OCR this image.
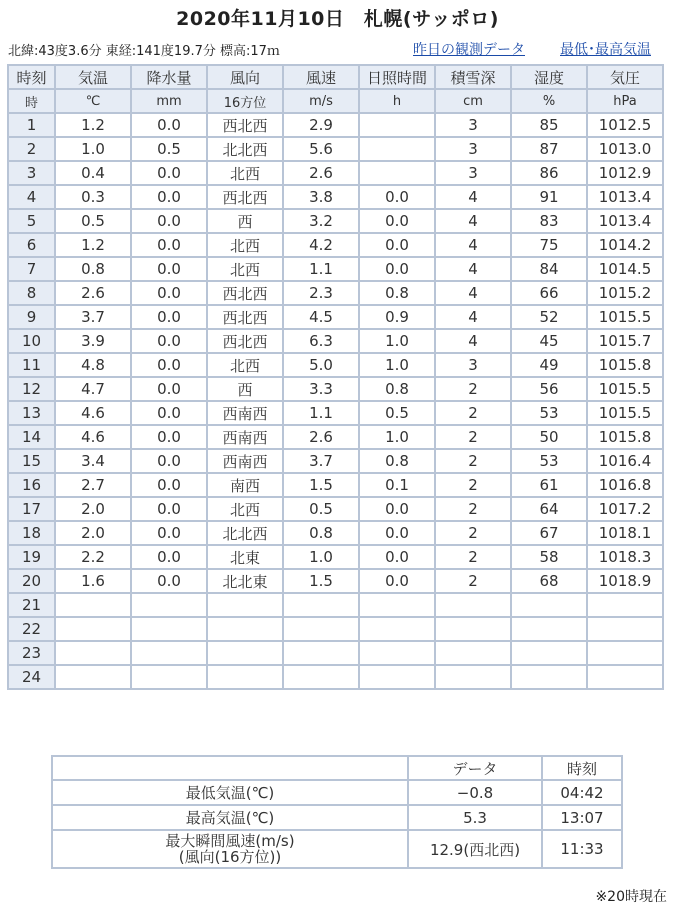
2020年11月10日　札幌(サッポロ)
北緯:43度3.6分 東経:141度19.7分 標高:17ｍ	昨日の観測データ	最低･最高気温
時刻	気温	降水量	風向	風速	日照時間	積雪深	湿度	気圧
時	℃	mm	16方位	m/s	h	cm	%	hPa
1	1.2	0.0	西北西	2.9		3	85	1012.5
2	1.0	0.5	北北西	5.6		3	87	1013.0
3	0.4	0.0	北西	2.6		3	86	1012.9
4	0.3	0.0	西北西	3.8	0.0	4	91	1013.4
5	0.5	0.0	西	3.2	0.0	4	83	1013.4
6	1.2	0.0	北西	4.2	0.0	4	75	1014.2
7	0.8	0.0	北西	1.1	0.0	4	84	1014.5
8	2.6	0.0	西北西	2.3	0.8	4	66	1015.2
9	3.7	0.0	西北西	4.5	0.9	4	52	1015.5
10	3.9	0.0	西北西	6.3	1.0	4	45	1015.7
11	4.8	0.0	北西	5.0	1.0	3	49	1015.8
12	4.7	0.0	西	3.3	0.8	2	56	1015.5
13	4.6	0.0	西南西	1.1	0.5	2	53	1015.5
14	4.6	0.0	西南西	2.6	1.0	2	50	1015.8
15	3.4	0.0	西南西	3.7	0.8	2	53	1016.4
16	2.7	0.0	南西	1.5	0.1	2	61	1016.8
17	2.0	0.0	北西	0.5	0.0	2	64	1017.2
18	2.0	0.0	北北西	0.8	0.0	2	67	1018.1
19	2.2	0.0	北東	1.0	0.0	2	58	1018.3
20	1.6	0.0	北北東	1.5	0.0	2	68	1018.9
21								
22								
23								
24								
	データ	時刻

最低気温(℃)	−0.8	04:42

最高気温(℃)	5.3	13:07

最大瞬間風速(m/s)
(風向(16方位))	12.9(西北西)	11:33
※20時現在
